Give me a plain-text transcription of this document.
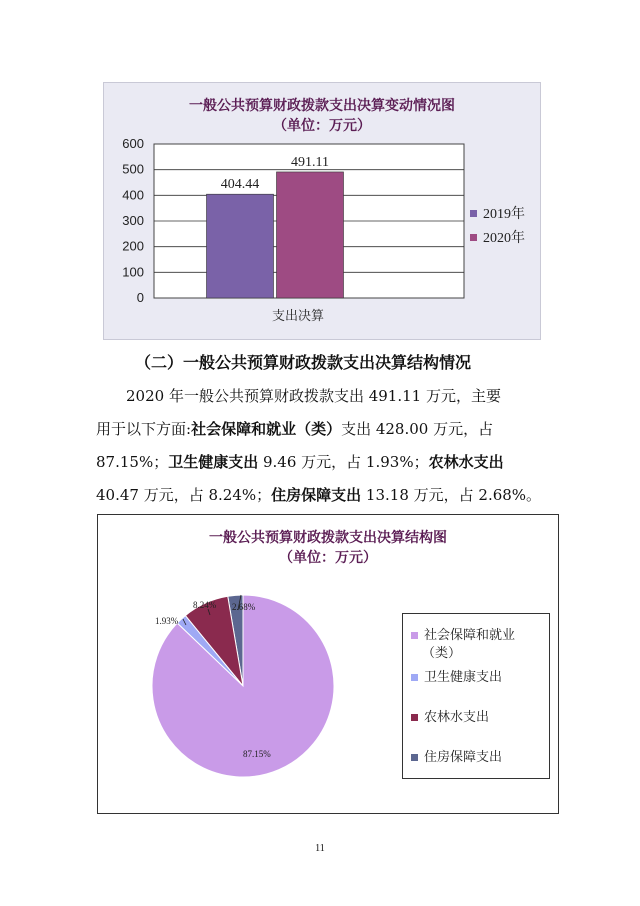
一般公共预算财政拨款支出决算变动情况图
（单位：万元）
0
100
200
300
400
500
600
404.44
491.11
支出决算
2019年
2020年
（二）一般公共预算财政拨款支出决算结构情况
2020 年一般公共预算财政拨款支出 491.11 万元，主要
用于以下方面:社会保障和就业（类）支出 428.00 万元，占
87.15%；卫生健康支出 9.46 万元，占 1.93%；农林水支出
40.47 万元，占 8.24%；住房保障支出 13.18 万元，占 2.68%。
一般公共预算财政拨款支出决算结构图
（单位：万元）
2.68%
8.24%
1.93%
87.15%
社会保障和就业
（类）
卫生健康支出
农林水支出
住房保障支出
11
